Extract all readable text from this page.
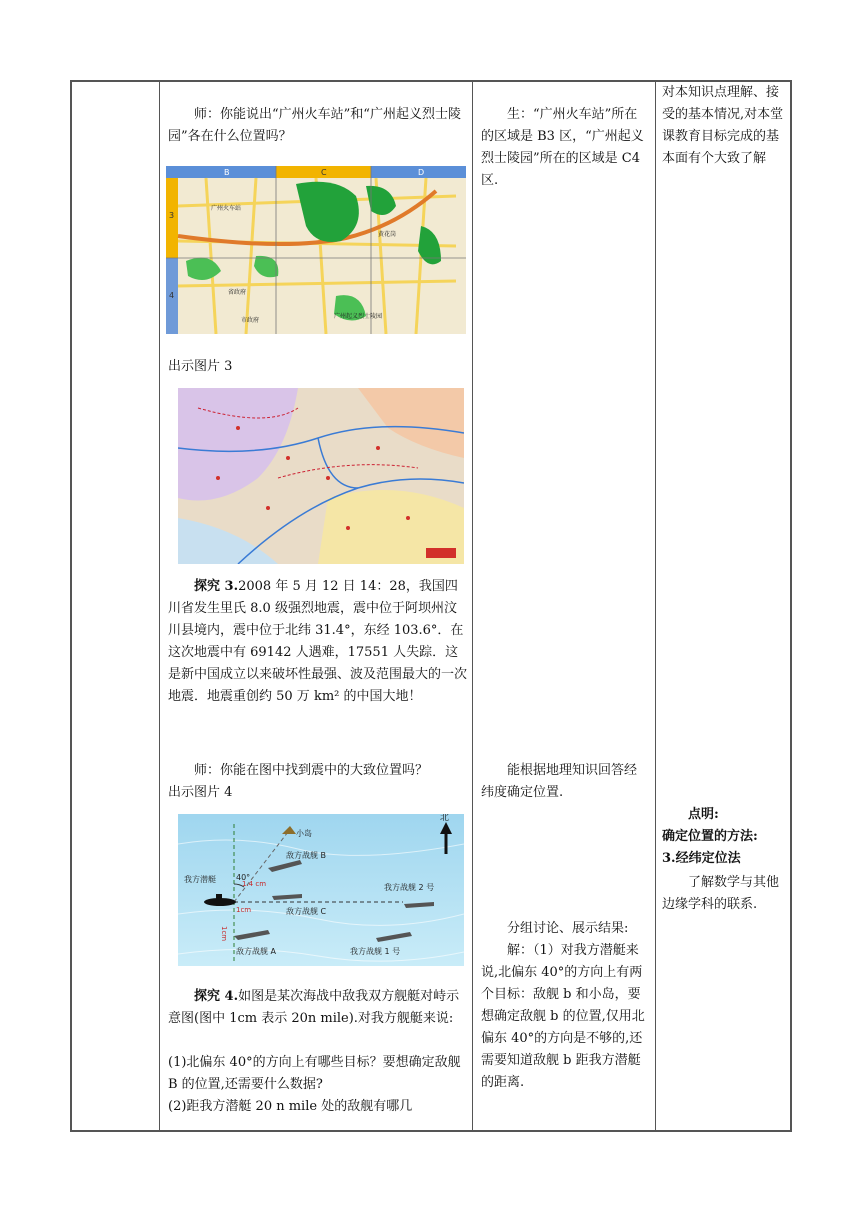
师：你能说出“广州火车站”和“广州起义烈士陵园”各在什么位置吗？

B	C	D
3
4
广州火车站
广州起义烈士陵园
省政府
市政府
黄花岗

出示图片 3

探究 3.2008 年 5 月 12 日 14：28，我国四川省发生里氏 8.0 级强烈地震，震中位于阿坝州汶川县境内，震中位于北纬 31.4°，东经 103.6°．在这次地震中有 69142 人遇难，17551 人失踪．这是新中国成立以来破坏性最强、波及范围最大的一次地震．地震重创约 50 万 km² 的中国大地！

师：你能在图中找到震中的大致位置吗？

出示图片 4

北
小岛
40°
我方潜艇
敌方战舰 B
敌方战舰 C
敌方战舰 A
我方战舰 2 号
我方战舰 1 号
1.4 cm
1cm
1cm

探究 4.如图是某次海战中敌我双方舰艇对峙示意图(图中 1cm 表示 20n mile).对我方舰艇来说:

(1)北偏东 40°的方向上有哪些目标？要想确定敌舰 B 的位置,还需要什么数据?

(2)距我方潜艇 20 n mile 处的敌舰有哪几

生：“广州火车站”所在的区域是 B3 区，“广州起义烈士陵园”所在的区域是 C4 区.

能根据地理知识回答经纬度确定位置.

分组讨论、展示结果:

解：（1）对我方潜艇来说,北偏东 40°的方向上有两个目标：敌舰 b 和小岛，要想确定敌舰 b 的位置,仅用北偏东 40°的方向是不够的,还需要知道敌舰 b 距我方潜艇的距离.

对本知识点理解、接受的基本情况,对本堂课教育目标完成的基本面有个大致了解

点明:

确定位置的方法:

3.经纬定位法

了解数学与其他边缘学科的联系.
